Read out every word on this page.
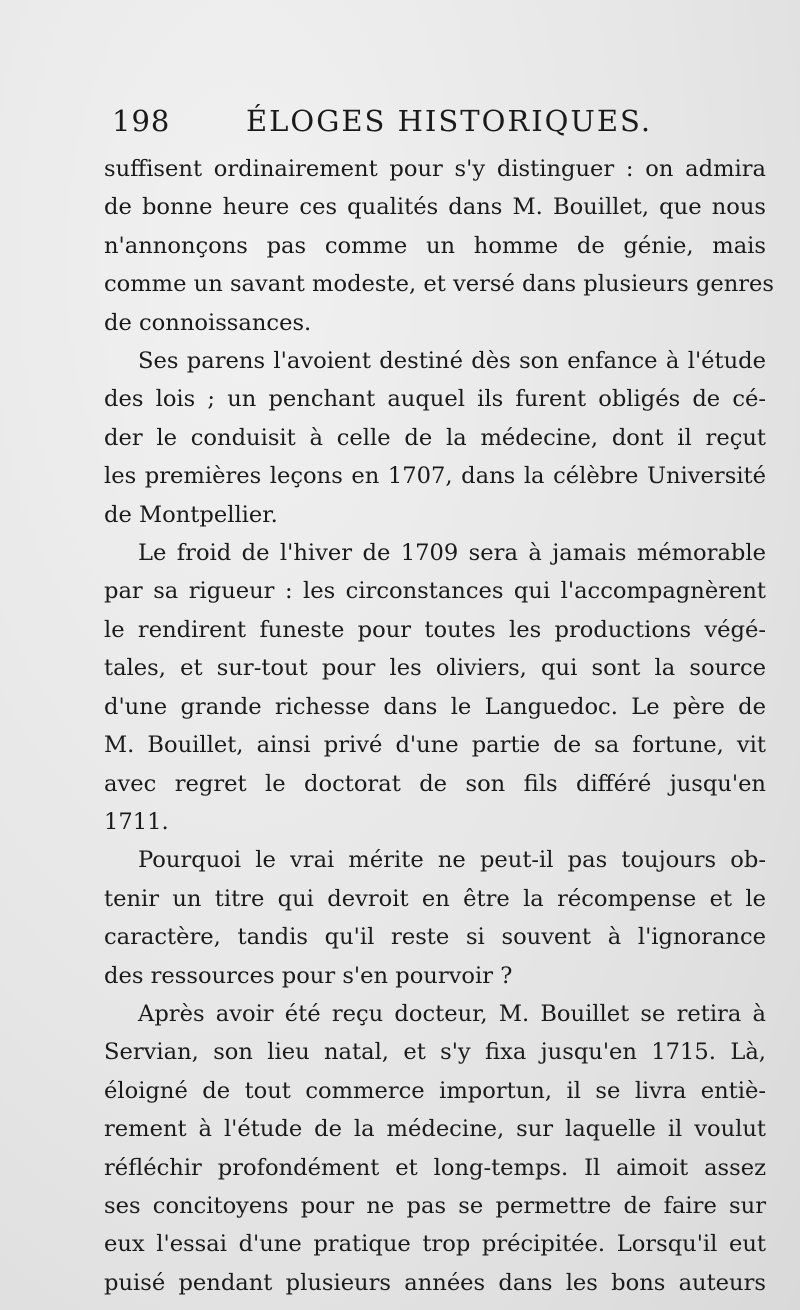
198	ÉLOGES HISTORIQUES.
suffisent ordinairement pour s'y distinguer : on admira
de bonne heure ces qualités dans M. Bouillet, que nous
n'annonçons pas comme un homme de génie, mais
comme un savant modeste, et versé dans plusieurs genres
de connoissances.
Ses parens l'avoient destiné dès son enfance à l'étude
des lois ; un penchant auquel ils furent obligés de cé-
der le conduisit à celle de la médecine, dont il reçut
les premières leçons en 1707, dans la célèbre Université
de Montpellier.
Le froid de l'hiver de 1709 sera à jamais mémorable
par sa rigueur : les circonstances qui l'accompagnèrent
le rendirent funeste pour toutes les productions végé-
tales, et sur-tout pour les oliviers, qui sont la source
d'une grande richesse dans le Languedoc. Le père de
M. Bouillet, ainsi privé d'une partie de sa fortune, vit
avec regret le doctorat de son fils différé jusqu'en
1711.
Pourquoi le vrai mérite ne peut-il pas toujours ob-
tenir un titre qui devroit en être la récompense et le
caractère, tandis qu'il reste si souvent à l'ignorance
des ressources pour s'en pourvoir ?
Après avoir été reçu docteur, M. Bouillet se retira à
Servian, son lieu natal, et s'y fixa jusqu'en 1715. Là,
éloigné de tout commerce importun, il se livra entiè-
rement à l'étude de la médecine, sur laquelle il voulut
réfléchir profondément et long-temps. Il aimoit assez
ses concitoyens pour ne pas se permettre de faire sur
eux l'essai d'une pratique trop précipitée. Lorsqu'il eut
puisé pendant plusieurs années dans les bons auteurs
